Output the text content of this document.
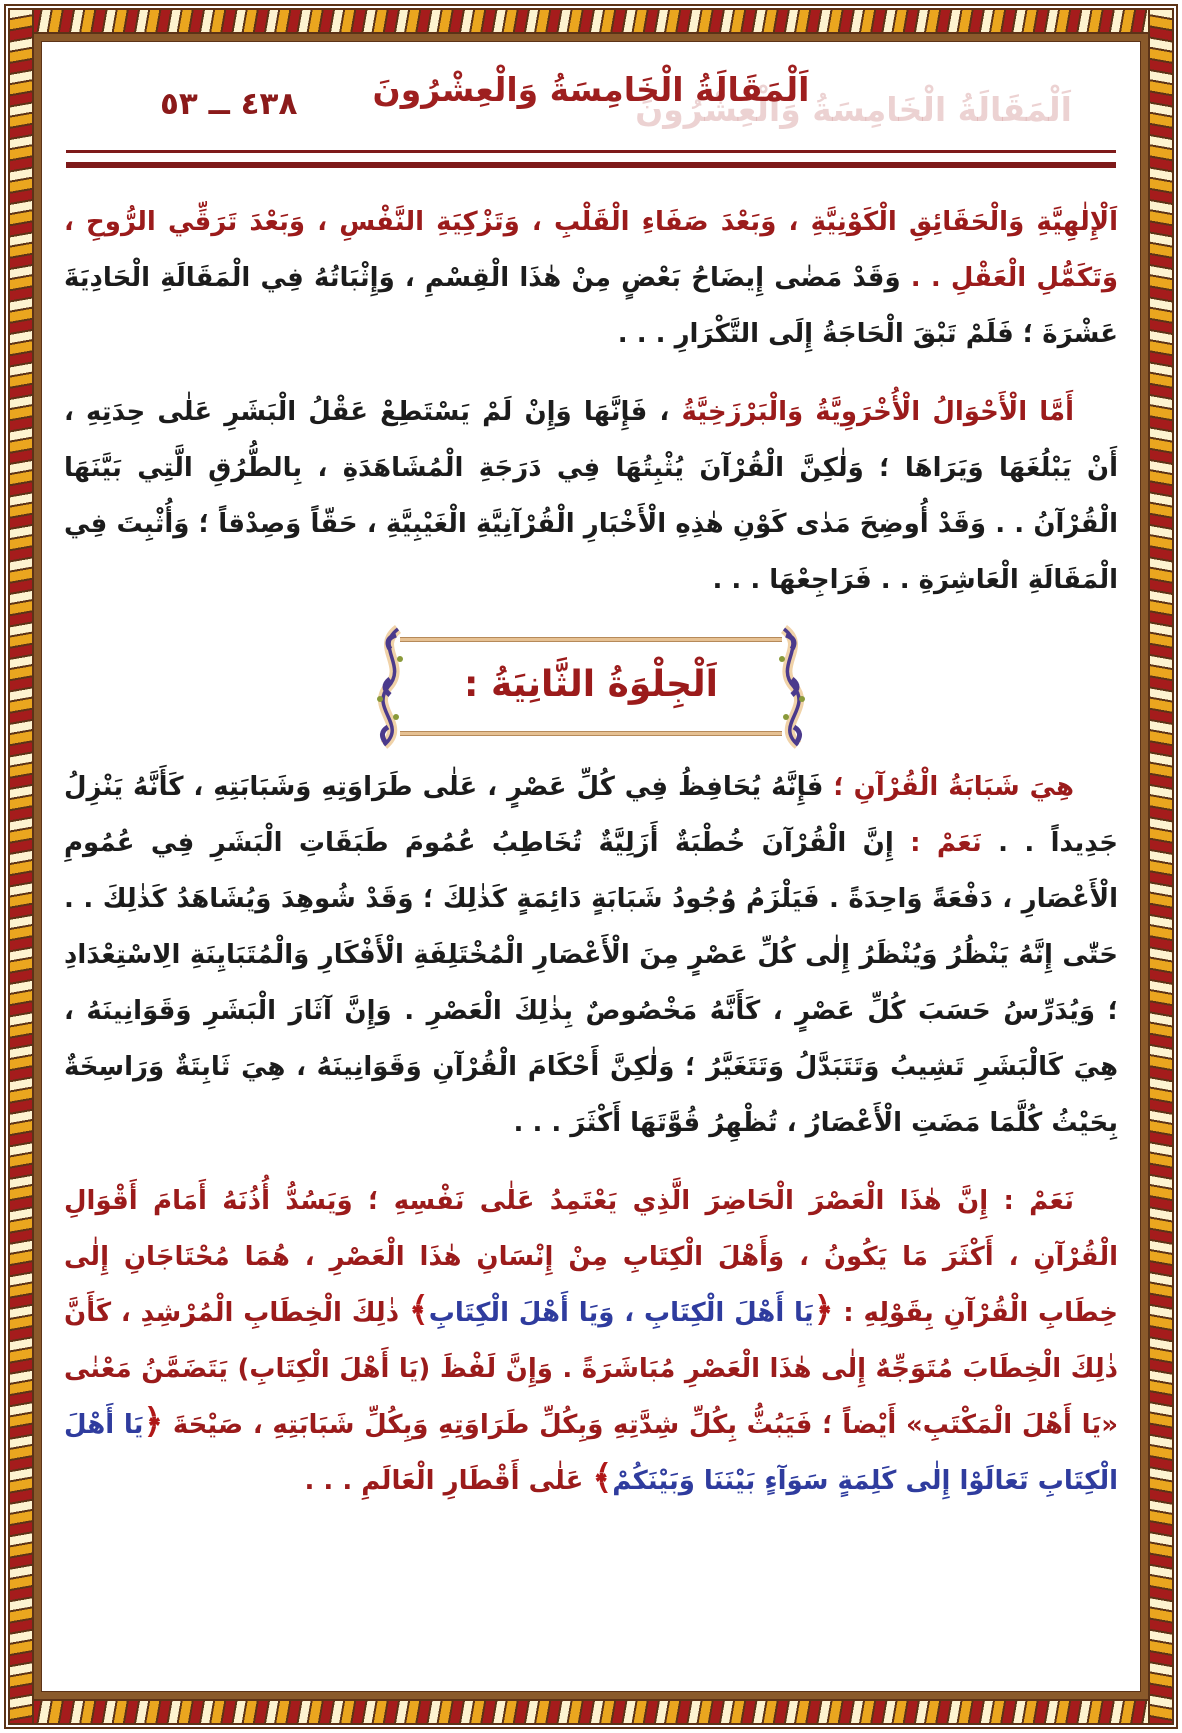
اَلْمَقَالَةُ الْخَامِسَةُ وَالْعِشْرُونَ
اَلْمَقَالَةُ الْخَامِسَةُ وَالْعِشْرُونَ
٤٣٨ ــ ٥٣

اَلْإِلٰهِيَّةِ وَالْحَقَائِقِ الْكَوْنِيَّةِ ، وَبَعْدَ صَفَاءِ الْقَلْبِ ، وَتَزْكِيَةِ النَّفْسِ ، وَبَعْدَ تَرَقِّي الرُّوحِ ، وَتَكَمُّلِ الْعَقْلِ . . وَقَدْ مَضٰى إِيضَاحُ بَعْضٍ مِنْ هٰذَا الْقِسْمِ ، وَإِثْبَاتُهُ فِي الْمَقَالَةِ الْحَادِيَةَ عَشْرَةَ ؛ فَلَمْ تَبْقَ الْحَاجَةُ إِلَى التَّكْرَارِ . . .

أَمَّا الْأَحْوَالُ الْأُخْرَوِيَّةُ وَالْبَرْزَخِيَّةُ ، فَإِنَّهَا وَإِنْ لَمْ يَسْتَطِعْ عَقْلُ الْبَشَرِ عَلٰى حِدَتِهِ ، أَنْ يَبْلُغَهَا وَيَرَاهَا ؛ وَلٰكِنَّ الْقُرْآنَ يُثْبِتُهَا فِي دَرَجَةِ الْمُشَاهَدَةِ ، بِالطُّرُقِ الَّتِي بَيَّنَهَا الْقُرْآنُ . . وَقَدْ أُوضِحَ مَدٰى كَوْنِ هٰذِهِ الْأَخْبَارِ الْقُرْآنِيَّةِ الْغَيْبِيَّةِ ، حَقّاً وَصِدْقاً ؛ وَأُثْبِتَ فِي الْمَقَالَةِ الْعَاشِرَةِ . . فَرَاجِعْهَا . . .

اَلْجِلْوَةُ الثَّانِيَةُ :

هِيَ شَبَابَةُ الْقُرْآنِ ؛ فَإِنَّهُ يُحَافِظُ فِي كُلِّ عَصْرٍ ، عَلٰى طَرَاوَتِهِ وَشَبَابَتِهِ ، كَأَنَّهُ يَنْزِلُ جَدِيداً . . نَعَمْ : إِنَّ الْقُرْآنَ خُطْبَةٌ أَزَلِيَّةٌ تُخَاطِبُ عُمُومَ طَبَقَاتِ الْبَشَرِ فِي عُمُومِ الْأَعْصَارِ ، دَفْعَةً وَاحِدَةً . فَيَلْزَمُ وُجُودُ شَبَابَةٍ دَائِمَةٍ كَذٰلِكَ ؛ وَقَدْ شُوهِدَ وَيُشَاهَدُ كَذٰلِكَ . . حَتّٰى إِنَّهُ يَنْظُرُ وَيُنْظَرُ إِلٰى كُلِّ عَصْرٍ مِنَ الْأَعْصَارِ الْمُخْتَلِفَةِ الْأَفْكَارِ وَالْمُتَبَايِنَةِ الِاسْتِعْدَادِ ؛ وَيُدَرِّسُ حَسَبَ كُلِّ عَصْرٍ ، كَأَنَّهُ مَخْصُوصٌ بِذٰلِكَ الْعَصْرِ . وَإِنَّ آثَارَ الْبَشَرِ وَقَوَانِينَهُ ، هِيَ كَالْبَشَرِ تَشِيبُ وَتَتَبَدَّلُ وَتَتَغَيَّرُ ؛ وَلٰكِنَّ أَحْكَامَ الْقُرْآنِ وَقَوَانِينَهُ ، هِيَ ثَابِتَةٌ وَرَاسِخَةٌ بِحَيْثُ كُلَّمَا مَضَتِ الْأَعْصَارُ ، تُظْهِرُ قُوَّتَهَا أَكْثَرَ . . .

نَعَمْ : إِنَّ هٰذَا الْعَصْرَ الْحَاضِرَ الَّذِي يَعْتَمِدُ عَلٰى نَفْسِهِ ؛ وَيَسُدُّ أُذُنَهُ أَمَامَ أَقْوَالِ الْقُرْآنِ ، أَكْثَرَ مَا يَكُونُ ، وَأَهْلَ الْكِتَابِ مِنْ إِنْسَانِ هٰذَا الْعَصْرِ ، هُمَا مُحْتَاجَانِ إِلٰى خِطَابِ الْقُرْآنِ بِقَوْلِهِ : ﴿يَا أَهْلَ الْكِتَابِ ، وَيَا أَهْلَ الْكِتَابِ﴾ ذٰلِكَ الْخِطَابِ الْمُرْشِدِ ، كَأَنَّ ذٰلِكَ الْخِطَابَ مُتَوَجِّهٌ إِلٰى هٰذَا الْعَصْرِ مُبَاشَرَةً . وَإِنَّ لَفْظَ (يَا أَهْلَ الْكِتَابِ) يَتَضَمَّنُ مَعْنٰى «يَا أَهْلَ الْمَكْتَبِ» أَيْضاً ؛ فَيَبُثُّ بِكُلِّ شِدَّتِهِ وَبِكُلِّ طَرَاوَتِهِ وَبِكُلِّ شَبَابَتِهِ ، صَيْحَةَ ﴿يَا أَهْلَ الْكِتَابِ تَعَالَوْا إِلٰى كَلِمَةٍ سَوَآءٍ بَيْنَنَا وَبَيْنَكُمْ﴾ عَلٰى أَقْطَارِ الْعَالَمِ . . .
